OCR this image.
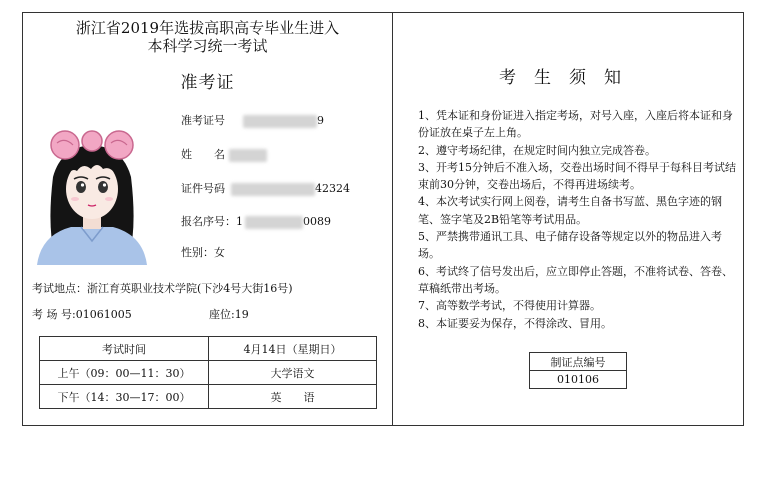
浙江省2019年选拔高职高专毕业生进入
本科学习统一考试
准考证
准考证号	9
姓　　名
证件号码	42324
报名序号：1	0089
性别：女
考试地点：浙江育英职业技术学院(下沙4号大街16号)
考 场 号:01061005	座位:19
考试时间	4月14日（星期日）
上午（09：00—11：30）	大学语文
下午（14：30—17：00）	英　　语
考生须知

1、凭本证和身份证进入指定考场，对号入座，入座后将本证和身份证放在桌子左上角。

2、遵守考场纪律，在规定时间内独立完成答卷。

3、开考15分钟后不准入场，交卷出场时间不得早于每科目考试结束前30分钟，交卷出场后，不得再进场续考。

4、本次考试实行网上阅卷，请考生自备书写蓝、黑色字迹的钢笔、签字笔及2B铅笔等考试用品。

5、严禁携带通讯工具、电子储存设备等规定以外的物品进入考场。

6、考试终了信号发出后，应立即停止答题，不准将试卷、答卷、草稿纸带出考场。

7、高等数学考试，不得使用计算器。

8、本证要妥为保存，不得涂改、冒用。

制证点编号
010106
